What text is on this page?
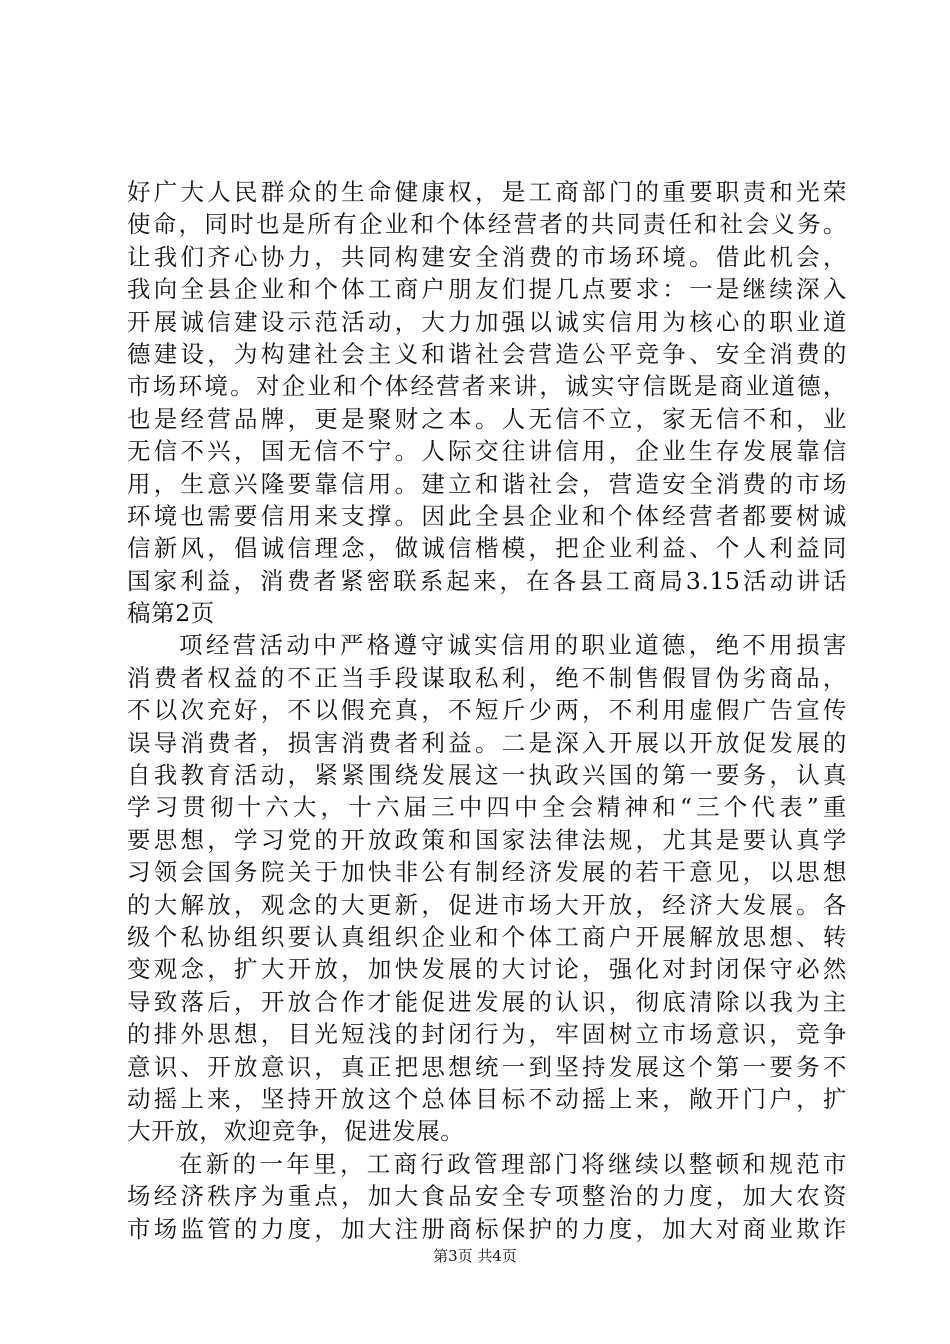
好广大人民群众的生命健康权，是工商部门的重要职责和光荣
使命，同时也是所有企业和个体经营者的共同责任和社会义务。
让我们齐心协力，共同构建安全消费的市场环境。借此机会，
我向全县企业和个体工商户朋友们提几点要求：一是继续深入
开展诚信建设示范活动，大力加强以诚实信用为核心的职业道
德建设，为构建社会主义和谐社会营造公平竞争、安全消费的
市场环境。对企业和个体经营者来讲，诚实守信既是商业道德，
也是经营品牌，更是聚财之本。人无信不立，家无信不和，业
无信不兴，国无信不宁。人际交往讲信用，企业生存发展靠信
用，生意兴隆要靠信用。建立和谐社会，营造安全消费的市场
环境也需要信用来支撑。因此全县企业和个体经营者都要树诚
信新风，倡诚信理念，做诚信楷模，把企业利益、个人利益同
国家利益，消费者紧密联系起来，在各县工商局3.15活动讲话
稿第2页
项经营活动中严格遵守诚实信用的职业道德，绝不用损害
消费者权益的不正当手段谋取私利，绝不制售假冒伪劣商品，
不以次充好，不以假充真，不短斤少两，不利用虚假广告宣传
误导消费者，损害消费者利益。二是深入开展以开放促发展的
自我教育活动，紧紧围绕发展这一执政兴国的第一要务，认真
学习贯彻十六大，十六届三中四中全会精神和“三个代表”重
要思想，学习党的开放政策和国家法律法规，尤其是要认真学
习领会国务院关于加快非公有制经济发展的若干意见，以思想
的大解放，观念的大更新，促进市场大开放，经济大发展。各
级个私协组织要认真组织企业和个体工商户开展解放思想、转
变观念，扩大开放，加快发展的大讨论，强化对封闭保守必然
导致落后，开放合作才能促进发展的认识，彻底清除以我为主
的排外思想，目光短浅的封闭行为，牢固树立市场意识，竞争
意识、开放意识，真正把思想统一到坚持发展这个第一要务不
动摇上来，坚持开放这个总体目标不动摇上来，敞开门户，扩
大开放，欢迎竞争，促进发展。
在新的一年里，工商行政管理部门将继续以整顿和规范市
场经济秩序为重点，加大食品安全专项整治的力度，加大农资
市场监管的力度，加大注册商标保护的力度，加大对商业欺诈
第3页 共4页
